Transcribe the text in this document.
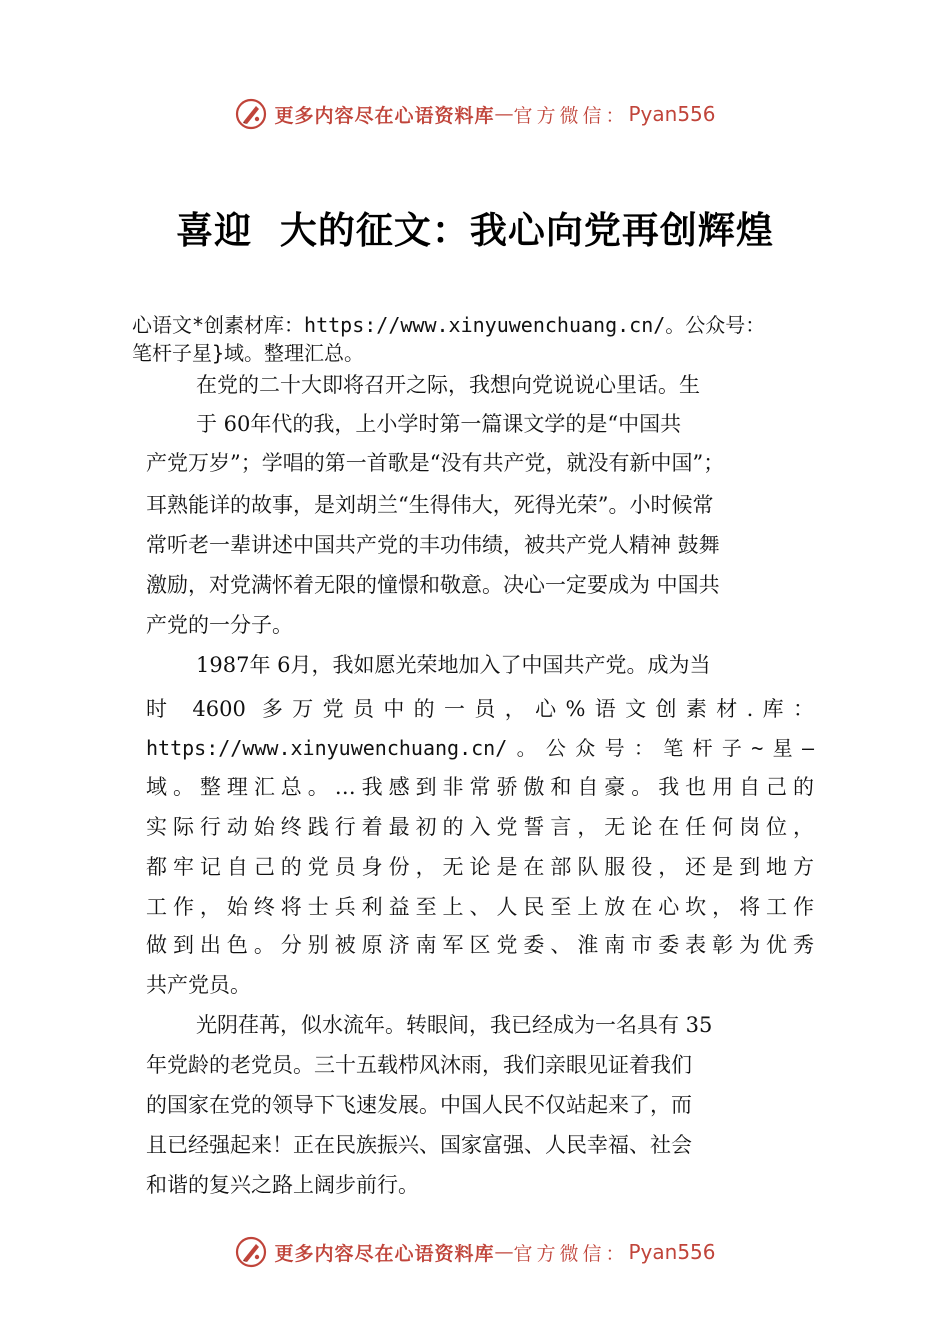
更多内容尽在心语资料库 — 官方微信： Pyan556
喜迎  大的征文：我心向党再创辉煌
心语文*创素材库：https://www.xinyuwenchuang.cn/。公众号：
笔杆子星}域。整理汇总。
在党的二十大即将召开之际，我想向党说说心里话。生
于 60年代的我，上小学时第一篇课文学的是“中国共
产党万岁”；学唱的第一首歌是“没有共产党，就没有新中国”；
耳熟能详的故事，是刘胡兰“生得伟大，死得光荣”。小时候常
常听老一辈讲述中国共产党的丰功伟绩，被共产党人精神 鼓舞
激励，对党满怀着无限的憧憬和敬意。决心一定要成为 中国共
产党的一分子。
1987年 6月，我如愿光荣地加入了中国共产党。成为当
时 4600 多万党员中的一员，心%语文创素材.库：
https://www.xinyuwenchuang.cn/。公众号：笔杆子~星—
域。整理汇总。…我感到非常骄傲和自豪。我也用自己的
实际行动始终践行着最初的入党誓言，无论在任何岗位，
都牢记自己的党员身份，无论是在部队服役，还是到地方
工作，始终将士兵利益至上、人民至上放在心坎，将工作
做到出色。分别被原济南军区党委、淮南市委表彰为优秀
共产党员。
光阴荏苒，似水流年。转眼间，我已经成为一名具有 35
年党龄的老党员。三十五载栉风沐雨，我们亲眼见证着我们
的国家在党的领导下飞速发展。中国人民不仅站起来了，而
且已经强起来！正在民族振兴、国家富强、人民幸福、社会
和谐的复兴之路上阔步前行。
更多内容尽在心语资料库 — 官方微信： Pyan556
